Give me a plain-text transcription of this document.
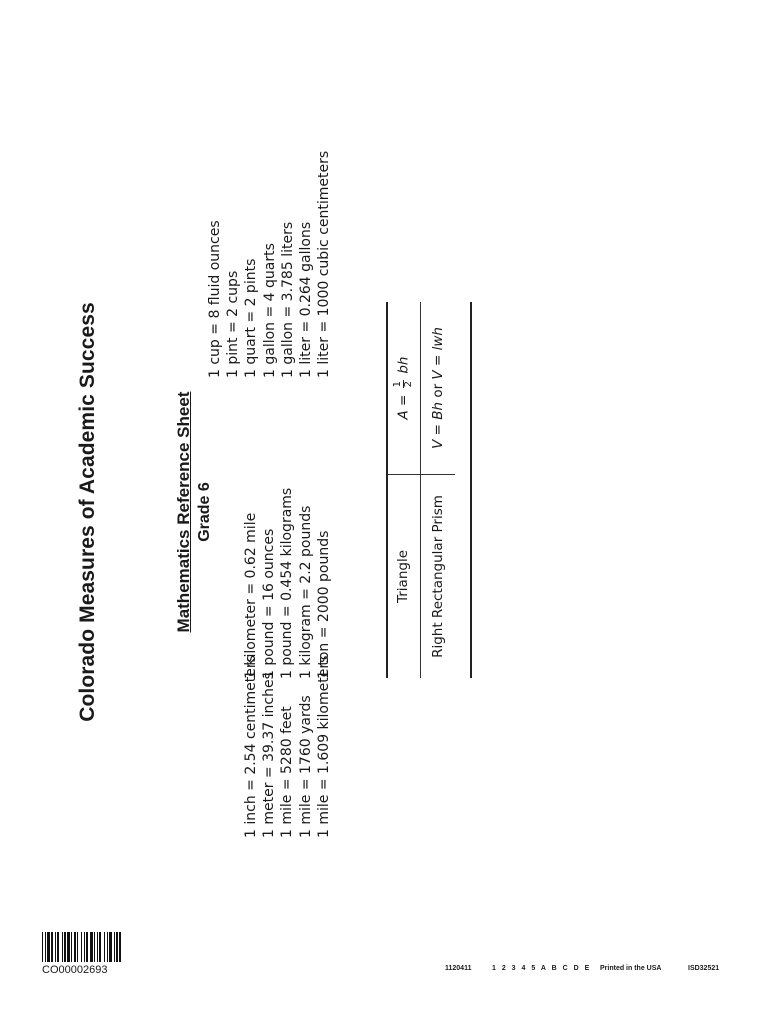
CO00002693
Colorado Measures of Academic Success	Mathematics Reference Sheet Grade 6
1 inch = 2.54 centimeters 1 meter = 39.37 inches 1 mile = 5280 feet 1 mile = 1760 yards 1 mile = 1.609 kilometers
1 kilometer = 0.62 mile 1 pound = 16 ounces 1 pound = 0.454 kilograms 1 kilogram = 2.2 pounds 1 ton = 2000 pounds
1 cup = 8 fluid ounces 1 pint = 2 cups 1 quart = 2 pints 1 gallon = 4 quarts 1 gallon = 3.785 liters 1 liter = 0.264 gallons 1 liter = 1000 cubic centimeters
Triangle	A =
1 2
bh
Right Rectangular Prism	V = Bh or V = lwh
1120411	1 2 3 4 5 A B C D E Printed in the USA	ISD32521
